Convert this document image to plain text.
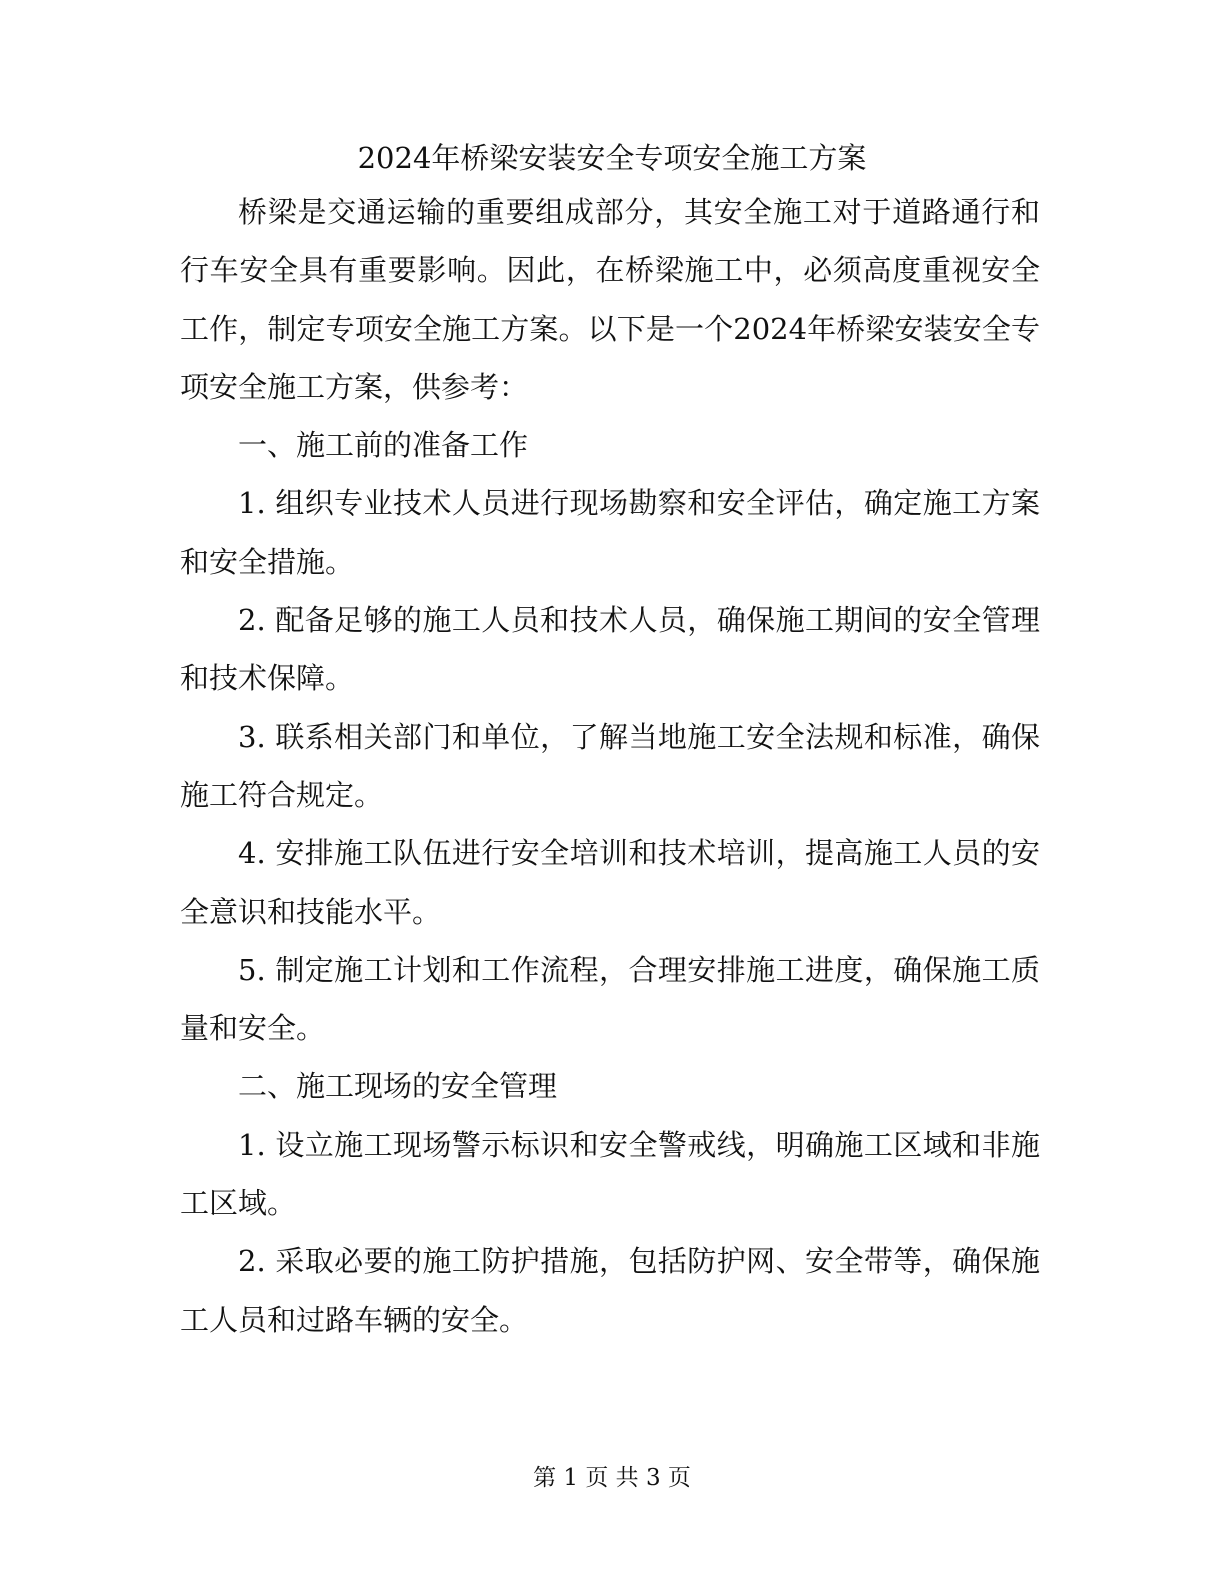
2024年桥梁安装安全专项安全施工方案

桥梁是交通运输的重要组成部分，其安全施工对于道路通行和行车安全具有重要影响。因此，在桥梁施工中，必须高度重视安全工作，制定专项安全施工方案。以下是一个2024年桥梁安装安全专项安全施工方案，供参考：

一、施工前的准备工作

1. 组织专业技术人员进行现场勘察和安全评估，确定施工方案和安全措施。

2. 配备足够的施工人员和技术人员，确保施工期间的安全管理和技术保障。

3. 联系相关部门和单位，了解当地施工安全法规和标准，确保施工符合规定。

4. 安排施工队伍进行安全培训和技术培训，提高施工人员的安全意识和技能水平。

5. 制定施工计划和工作流程，合理安排施工进度，确保施工质量和安全。

二、施工现场的安全管理

1. 设立施工现场警示标识和安全警戒线，明确施工区域和非施工区域。

2. 采取必要的施工防护措施，包括防护网、安全带等，确保施工人员和过路车辆的安全。

第 1 页 共 3 页
